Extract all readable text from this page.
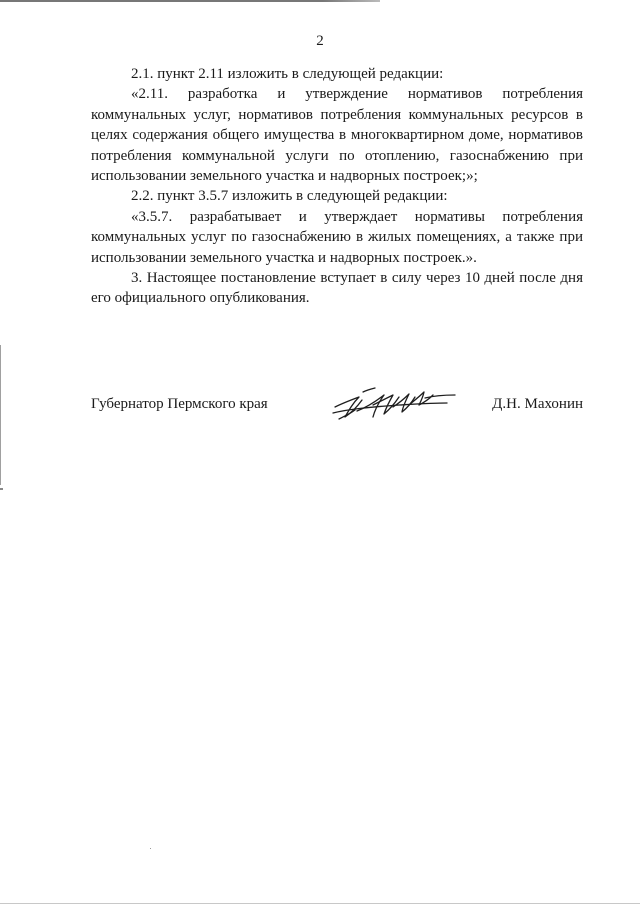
2

2.1. пункт 2.11 изложить в следующей редакции:

«2.11. разработка и утверждение нормативов потребления коммунальных услуг, нормативов потребления коммунальных ресурсов в целях содержания общего имущества в многоквартирном доме, нормативов потребления коммунальной услуги по отоплению, газоснабжению при использовании земельного участка и надворных построек;»;

2.2. пункт 3.5.7 изложить в следующей редакции:

«3.5.7. разрабатывает и утверждает нормативы потребления коммунальных услуг по газоснабжению в жилых помещениях, а также при использовании земельного участка и надворных построек.».

3. Настоящее постановление вступает в силу через 10 дней после дня его официального опубликования.

Губернатор Пермского края	Д.Н. Махонин
